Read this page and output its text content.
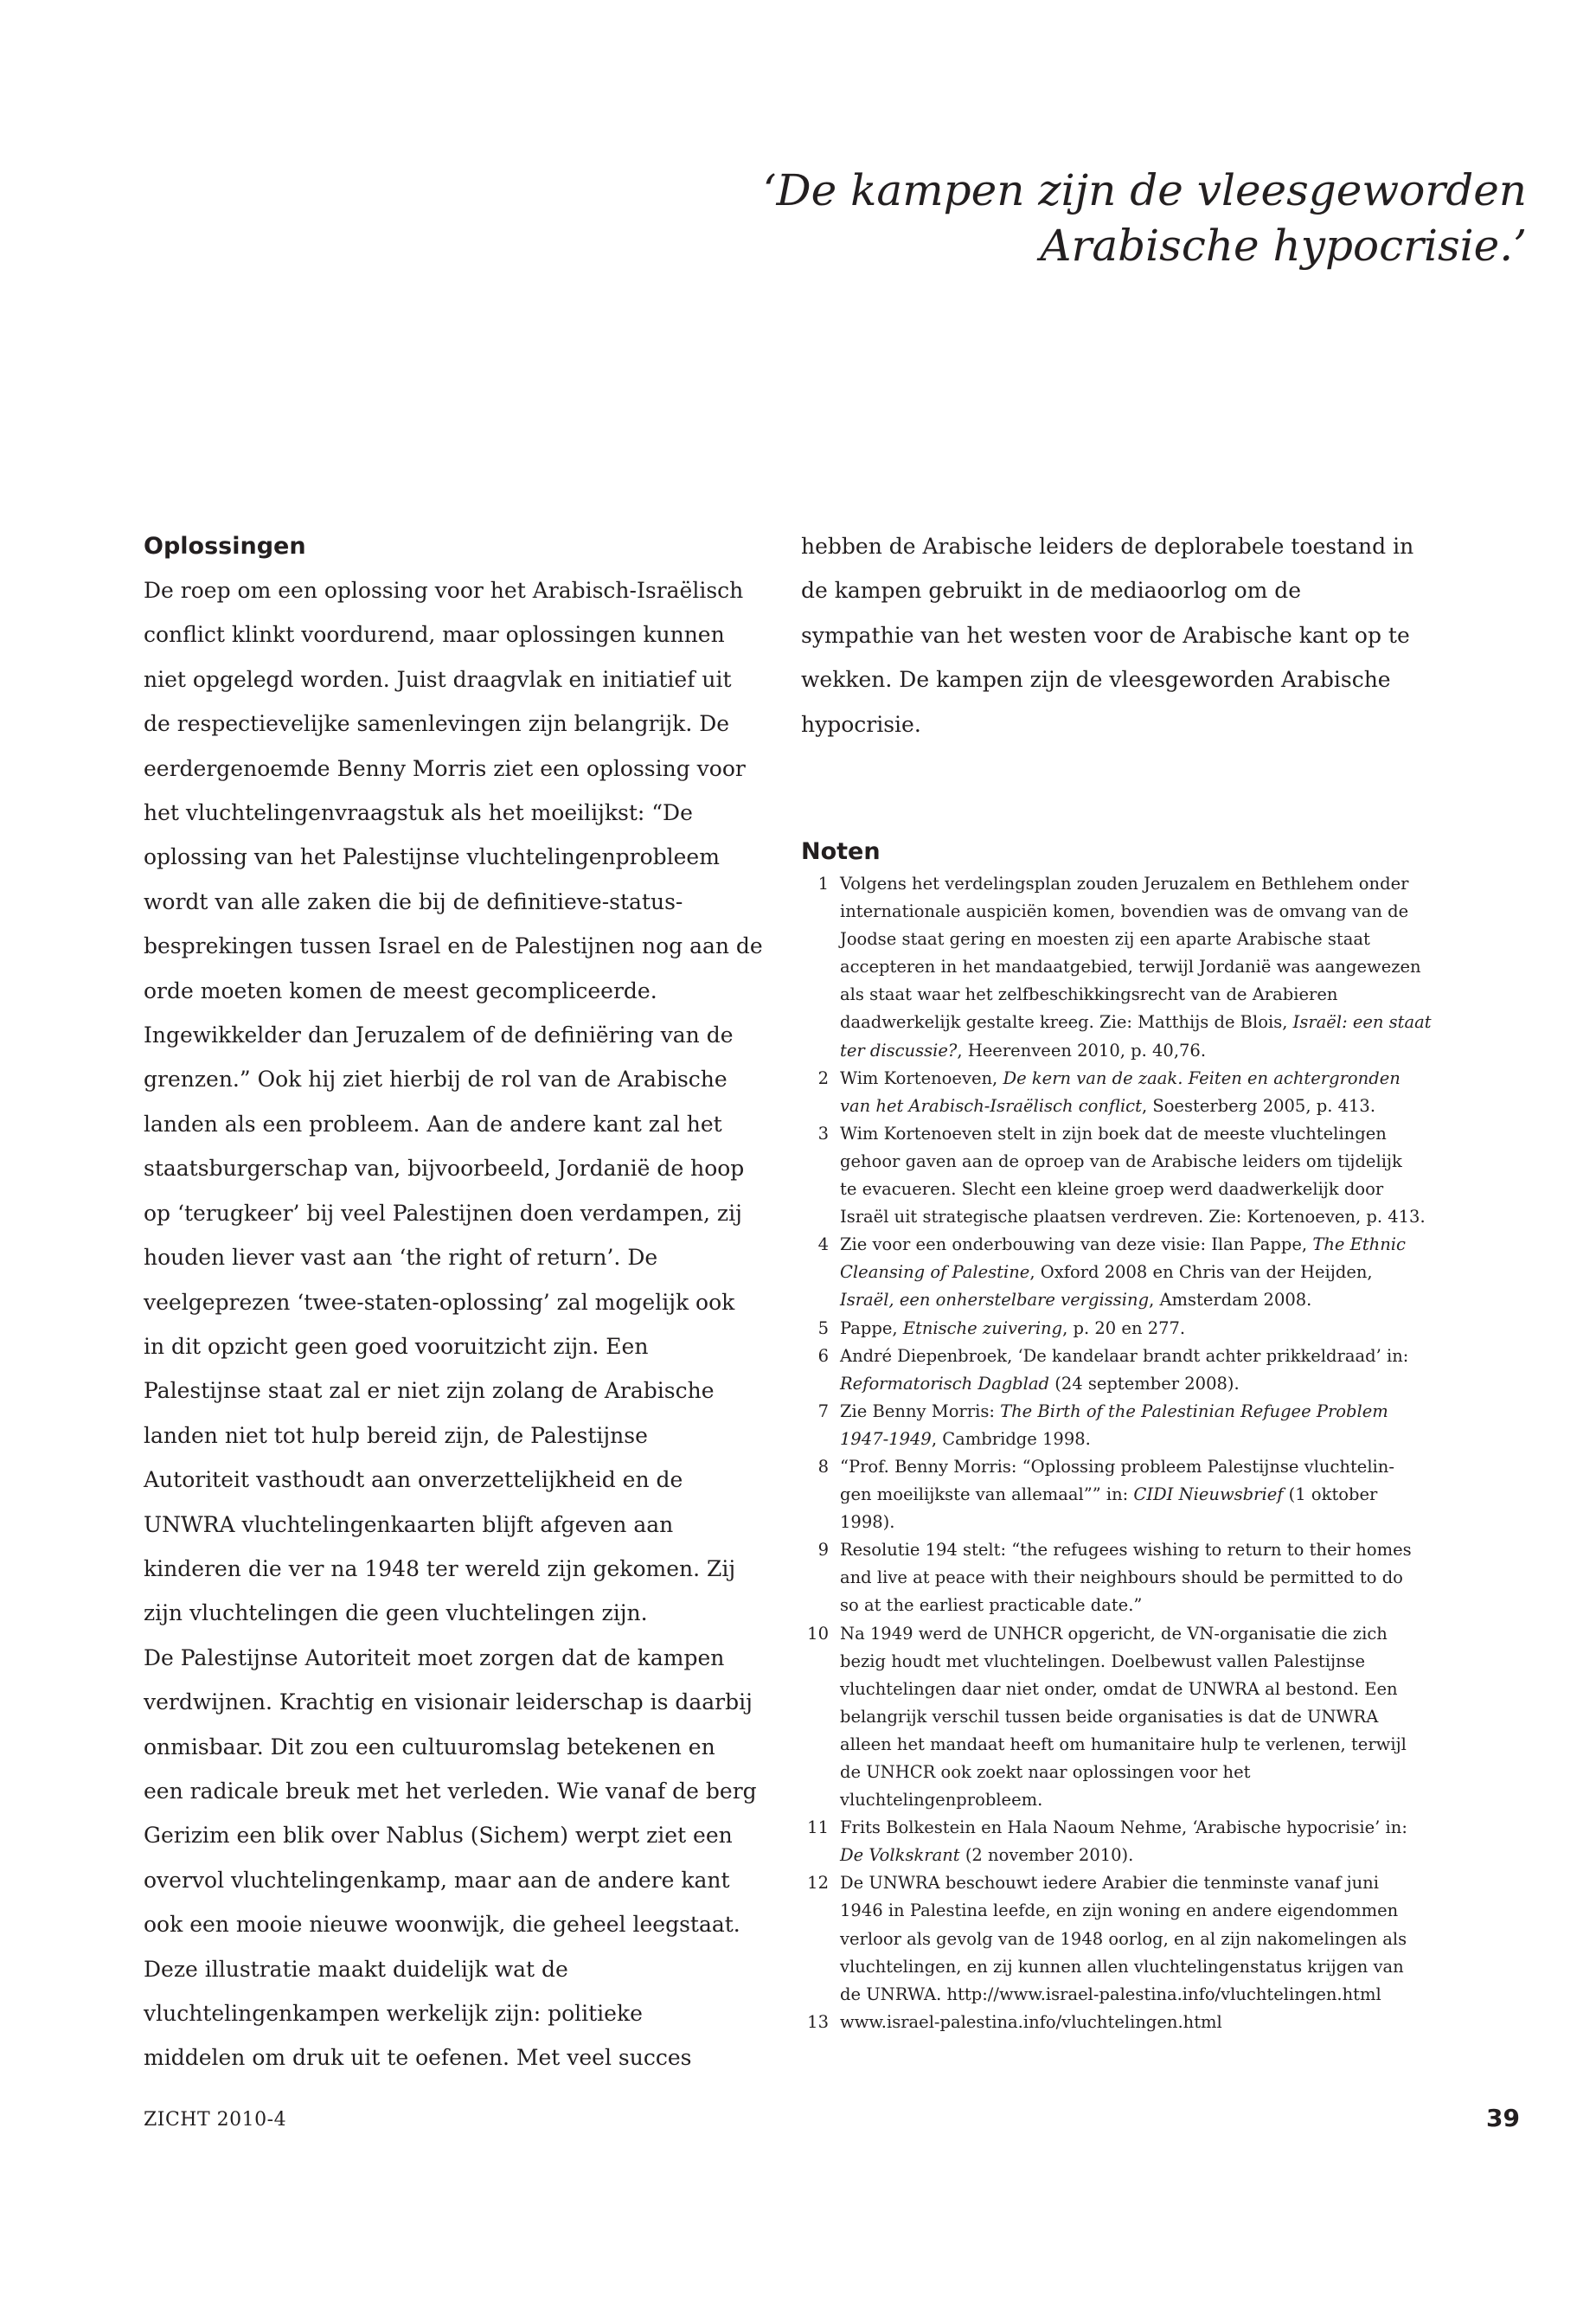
‘De kampen zijn de vleesgeworden
Arabische hypocrisie.’
Oplossingen
De roep om een oplossing voor het Arabisch-Israëlisch
conflict klinkt voordurend, maar oplossingen kunnen
niet opgelegd worden. Juist draagvlak en initiatief uit
de respectievelijke samenlevingen zijn belangrijk. De
eerdergenoemde Benny Morris ziet een oplossing voor
het vluchtelingenvraagstuk als het moeilijkst: “De
oplossing van het Palestijnse vluchtelingenprobleem
wordt van alle zaken die bij de definitieve-status-
besprekingen tussen Israel en de Palestijnen nog aan de
orde moeten komen de meest gecompliceerde.
Ingewikkelder dan Jeruzalem of de definiëring van de
grenzen.” Ook hij ziet hierbij de rol van de Arabische
landen als een probleem. Aan de andere kant zal het
staatsburgerschap van, bijvoorbeeld, Jordanië de hoop
op ‘terugkeer’ bij veel Palestijnen doen verdampen, zij
houden liever vast aan ‘the right of return’. De
veelgeprezen ‘twee-staten-oplossing’ zal mogelijk ook
in dit opzicht geen goed vooruitzicht zijn. Een
Palestijnse staat zal er niet zijn zolang de Arabische
landen niet tot hulp bereid zijn, de Palestijnse
Autoriteit vasthoudt aan onverzettelijkheid en de
UNWRA vluchtelingenkaarten blijft afgeven aan
kinderen die ver na 1948 ter wereld zijn gekomen. Zij
zijn vluchtelingen die geen vluchtelingen zijn.
De Palestijnse Autoriteit moet zorgen dat de kampen
verdwijnen. Krachtig en visionair leiderschap is daarbij
onmisbaar. Dit zou een cultuuromslag betekenen en
een radicale breuk met het verleden. Wie vanaf de berg
Gerizim een blik over Nablus (Sichem) werpt ziet een
overvol vluchtelingenkamp, maar aan de andere kant
ook een mooie nieuwe woonwijk, die geheel leegstaat.
Deze illustratie maakt duidelijk wat de
vluchtelingenkampen werkelijk zijn: politieke
middelen om druk uit te oefenen. Met veel succes
hebben de Arabische leiders de deplorabele toestand in
de kampen gebruikt in de mediaoorlog om de
sympathie van het westen voor de Arabische kant op te
wekken. De kampen zijn de vleesgeworden Arabische
hypocrisie.
Noten
1 Volgens het verdelingsplan zouden Jeruzalem en Bethlehem onder
internationale auspiciën komen, bovendien was de omvang van de
Joodse staat gering en moesten zij een aparte Arabische staat
accepteren in het mandaatgebied, terwijl Jordanië was aangewezen
als staat waar het zelfbeschikkingsrecht van de Arabieren
daadwerkelijk gestalte kreeg. Zie: Matthijs de Blois, Israël: een staat
ter discussie?, Heerenveen 2010, p. 40,76.
2 Wim Kortenoeven, De kern van de zaak. Feiten en achtergronden
van het Arabisch-Israëlisch conflict, Soesterberg 2005, p. 413.
3 Wim Kortenoeven stelt in zijn boek dat de meeste vluchtelingen
gehoor gaven aan de oproep van de Arabische leiders om tijdelijk
te evacueren. Slecht een kleine groep werd daadwerkelijk door
Israël uit strategische plaatsen verdreven. Zie: Kortenoeven, p. 413.
4 Zie voor een onderbouwing van deze visie: Ilan Pappe, The Ethnic
Cleansing of Palestine, Oxford 2008 en Chris van der Heijden,
Israël, een onherstelbare vergissing, Amsterdam 2008.
5 Pappe, Etnische zuivering, p. 20 en 277.
6 André Diepenbroek, ‘De kandelaar brandt achter prikkeldraad’ in:
Reformatorisch Dagblad (24 september 2008).
7 Zie Benny Morris: The Birth of the Palestinian Refugee Problem
1947-1949, Cambridge 1998.
8 “Prof. Benny Morris: “Oplossing probleem Palestijnse vluchtelin-
gen moeilijkste van allemaal”” in: CIDI Nieuwsbrief (1 oktober
1998).
9 Resolutie 194 stelt: “the refugees wishing to return to their homes
and live at peace with their neighbours should be permitted to do
so at the earliest practicable date.”
10 Na 1949 werd de UNHCR opgericht, de VN-organisatie die zich
bezig houdt met vluchtelingen. Doelbewust vallen Palestijnse
vluchtelingen daar niet onder, omdat de UNWRA al bestond. Een
belangrijk verschil tussen beide organisaties is dat de UNWRA
alleen het mandaat heeft om humanitaire hulp te verlenen, terwijl
de UNHCR ook zoekt naar oplossingen voor het
vluchtelingenprobleem.
11 Frits Bolkestein en Hala Naoum Nehme, ‘Arabische hypocrisie’ in:
De Volkskrant (2 november 2010).
12 De UNWRA beschouwt iedere Arabier die tenminste vanaf juni
1946 in Palestina leefde, en zijn woning en andere eigendommen
verloor als gevolg van de 1948 oorlog, en al zijn nakomelingen als
vluchtelingen, en zij kunnen allen vluchtelingenstatus krijgen van
de UNRWA. http://www.israel-palestina.info/vluchtelingen.html
13 www.israel-palestina.info/vluchtelingen.html
ZICHT 2010-4	39
